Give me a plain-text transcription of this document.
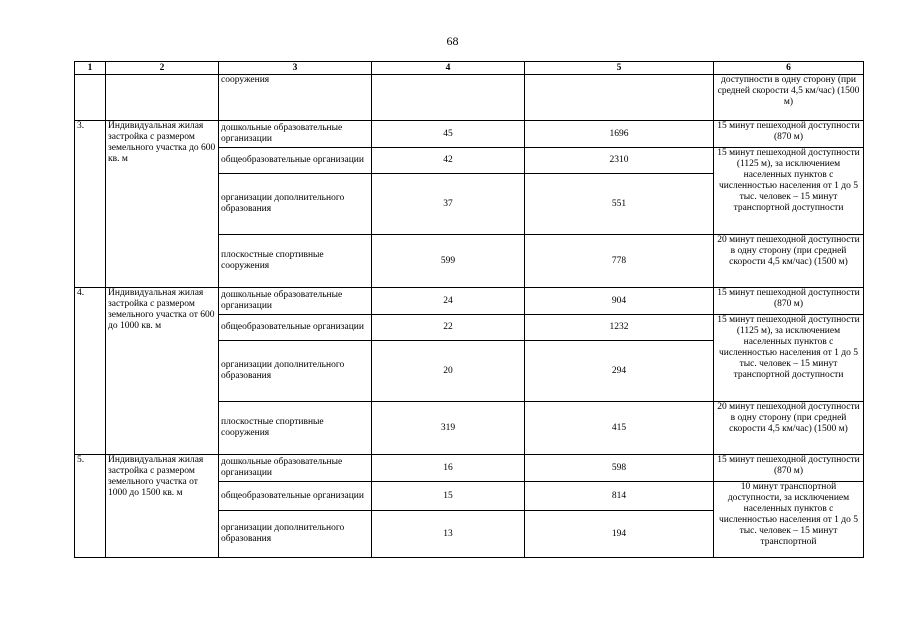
68
1	2	3	4	5	6
		сооружения			доступности в одну сторону (при средней скорости 4,5 км/час) (1500 м)
3.	Индивидуальная жилая застройка с размером земельного участка до 600 кв. м	дошкольные образовательные организации	45	1696	15 минут пешеходной доступности (870 м)
		общеобразовательные организации	42	2310	15 минут пешеходной доступности (1125 м), за исключением населенных пунктов с численностью населения от 1 до 5 тыс. человек – 15 минут транспортной доступности
		организации дополнительного образования	37	551	
		плоскостные спортивные сооружения	599	778	20 минут пешеходной доступности в одну сторону (при средней скорости 4,5 км/час) (1500 м)
4.	Индивидуальная жилая застройка с размером земельного участка от 600 до 1000 кв. м	дошкольные образовательные организации	24	904	15 минут пешеходной доступности (870 м)
		общеобразовательные организации	22	1232	15 минут пешеходной доступности (1125 м), за исключением населенных пунктов с численностью населения от 1 до 5 тыс. человек – 15 минут транспортной доступности
		организации дополнительного образования	20	294	
		плоскостные спортивные сооружения	319	415	20 минут пешеходной доступности в одну сторону (при средней скорости 4,5 км/час) (1500 м)
5.	Индивидуальная жилая застройка с размером земельного участка от 1000 до 1500 кв. м	дошкольные образовательные организации	16	598	15 минут пешеходной доступности (870 м)
		общеобразовательные организации	15	814	10 минут транспортной доступности, за исключением населенных пунктов с численностью населения от 1 до 5 тыс. человек – 15 минут транспортной
		организации дополнительного образования	13	194	
